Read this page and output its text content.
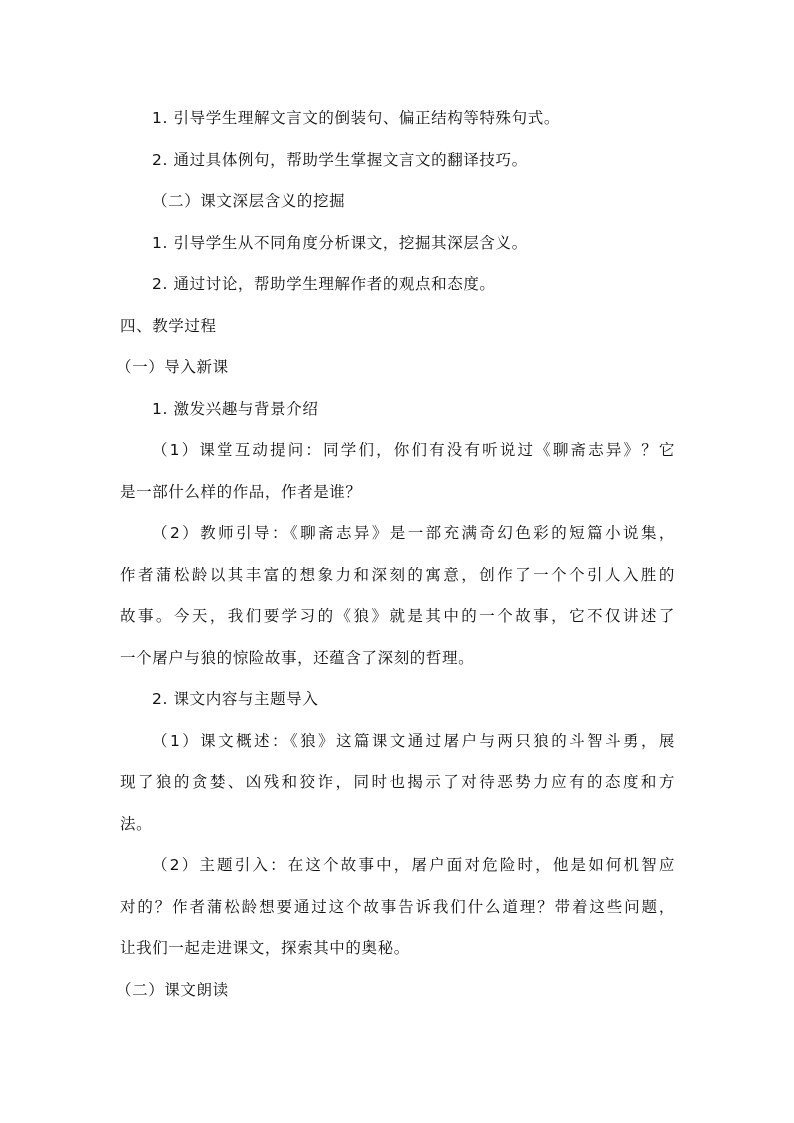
1. 引导学生理解文言文的倒装句、偏正结构等特殊句式。
2. 通过具体例句，帮助学生掌握文言文的翻译技巧。
（二）课文深层含义的挖掘
1. 引导学生从不同角度分析课文，挖掘其深层含义。
2. 通过讨论，帮助学生理解作者的观点和态度。
四、教学过程
（一）导入新课
1. 激发兴趣与背景介绍
（1）课堂互动提问：同学们，你们有没有听说过《聊斋志异》？它
是一部什么样的作品，作者是谁？
（2）教师引导：《聊斋志异》是一部充满奇幻色彩的短篇小说集，
作者蒲松龄以其丰富的想象力和深刻的寓意，创作了一个个引人入胜的
故事。今天，我们要学习的《狼》就是其中的一个故事，它不仅讲述了
一个屠户与狼的惊险故事，还蕴含了深刻的哲理。
2. 课文内容与主题导入
（1）课文概述：《狼》这篇课文通过屠户与两只狼的斗智斗勇，展
现了狼的贪婪、凶残和狡诈，同时也揭示了对待恶势力应有的态度和方
法。
（2）主题引入：在这个故事中，屠户面对危险时，他是如何机智应
对的？作者蒲松龄想要通过这个故事告诉我们什么道理？带着这些问题，
让我们一起走进课文，探索其中的奥秘。
（二）课文朗读
